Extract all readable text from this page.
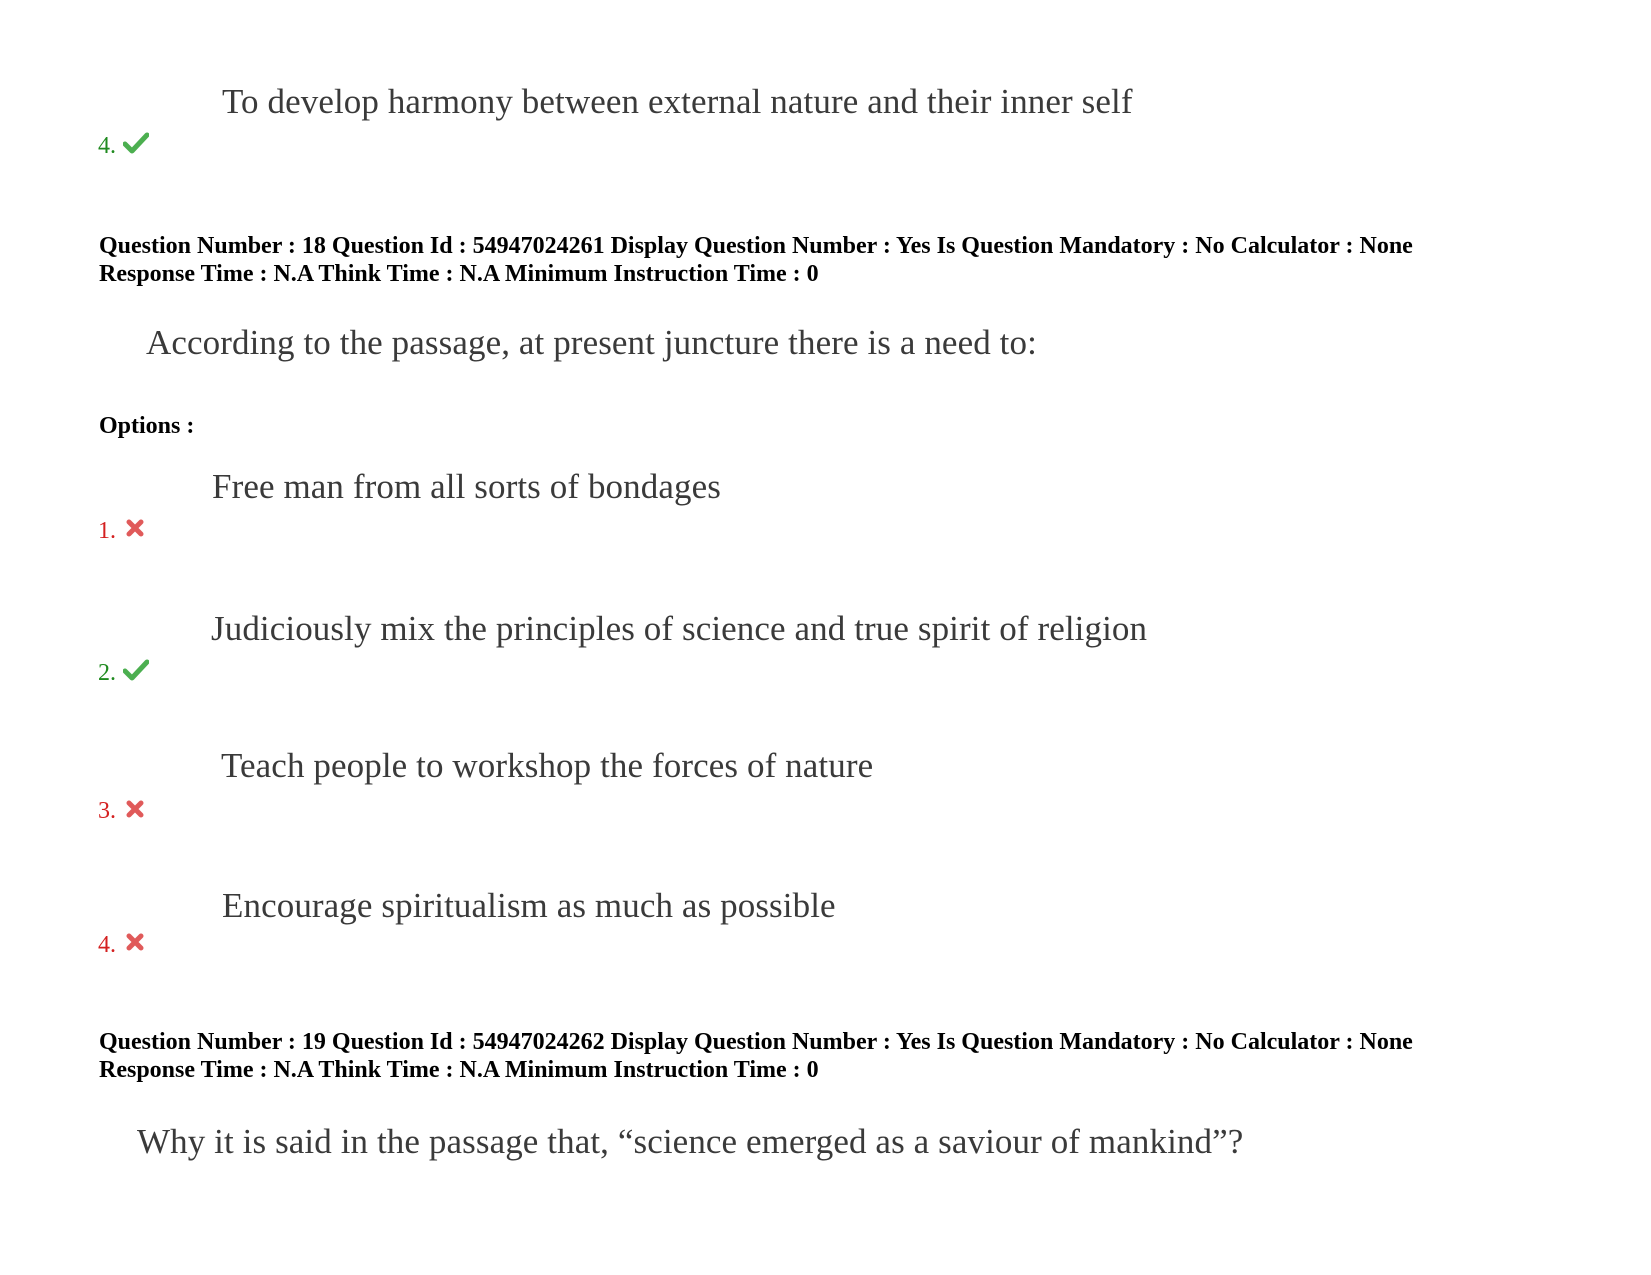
To develop harmony between external nature and their inner self
4.
Question Number : 18 Question Id : 54947024261 Display Question Number : Yes Is Question Mandatory : No Calculator : None
Response Time : N.A Think Time : N.A Minimum Instruction Time : 0
According to the passage, at present juncture there is a need to:
Options :
Free man from all sorts of bondages
1.
Judiciously mix the principles of science and true spirit of religion
2.
Teach people to workshop the forces of nature
3.
Encourage spiritualism as much as possible
4.
Question Number : 19 Question Id : 54947024262 Display Question Number : Yes Is Question Mandatory : No Calculator : None
Response Time : N.A Think Time : N.A Minimum Instruction Time : 0
Why it is said in the passage that, “science emerged as a saviour of mankind”?
